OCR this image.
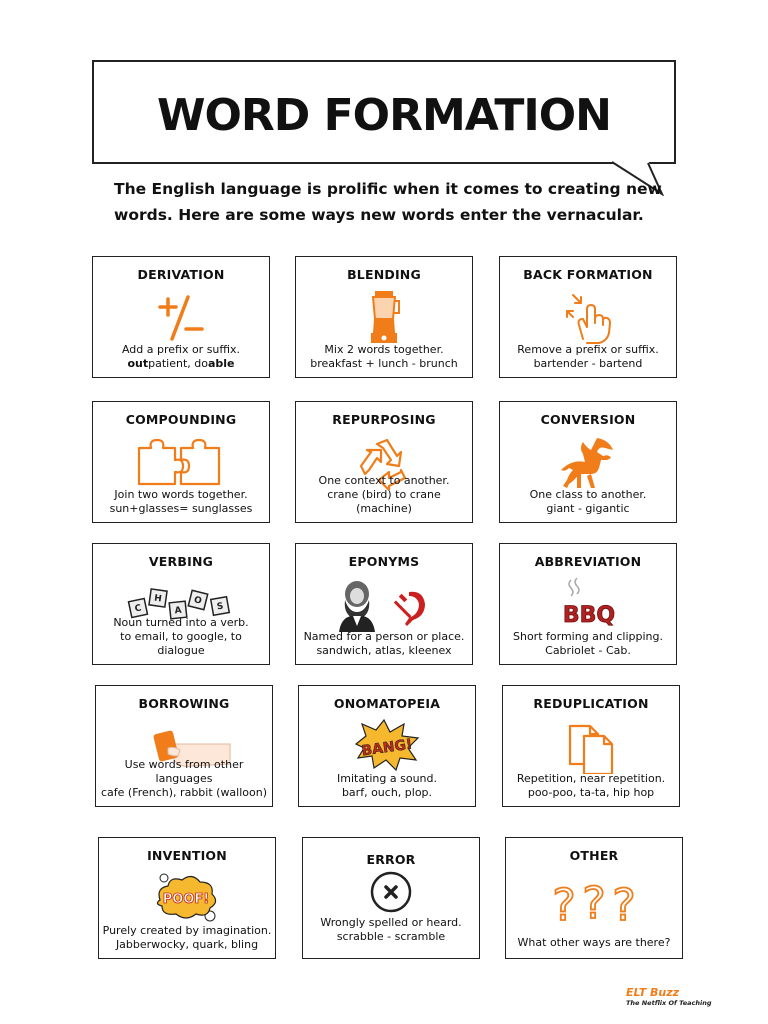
WORD FORMATION
The English language is prolific when it comes to creating new
words. Here are some ways new words enter the vernacular.
DERIVATION
Add a prefix or suffix.
outpatient, doable
BLENDING
Mix 2 words together.
breakfast + lunch - brunch
BACK FORMATION
Remove a prefix or suffix.
bartender - bartend
COMPOUNDING
Join two words together.
sun+glasses= sunglasses
REPURPOSING
One context to another.
crane (bird) to crane (machine)
CONVERSION
One class to another.
giant - gigantic
VERBING
C
H
A
O
S
Noun turned into a verb.
to email, to google, to dialogue
EPONYMS
Named for a person or place.
sandwich, atlas, kleenex
ABBREVIATION
BBQ
Short forming and clipping.
Cabriolet - Cab.
BORROWING
Use words from other languages
cafe (French), rabbit (walloon)
ONOMATOPEIA
BANG!
Imitating a sound.
barf, ouch, plop.
REDUPLICATION
Repetition, near repetition.
poo-poo, ta-ta, hip hop
INVENTION
POOF!
Purely created by imagination.
Jabberwocky, quark, bling
ERROR
Wrongly spelled or heard.
scrabble - scramble
OTHER
? ? ?
What other ways are there?
ELT Buzz
The Netflix Of Teaching
